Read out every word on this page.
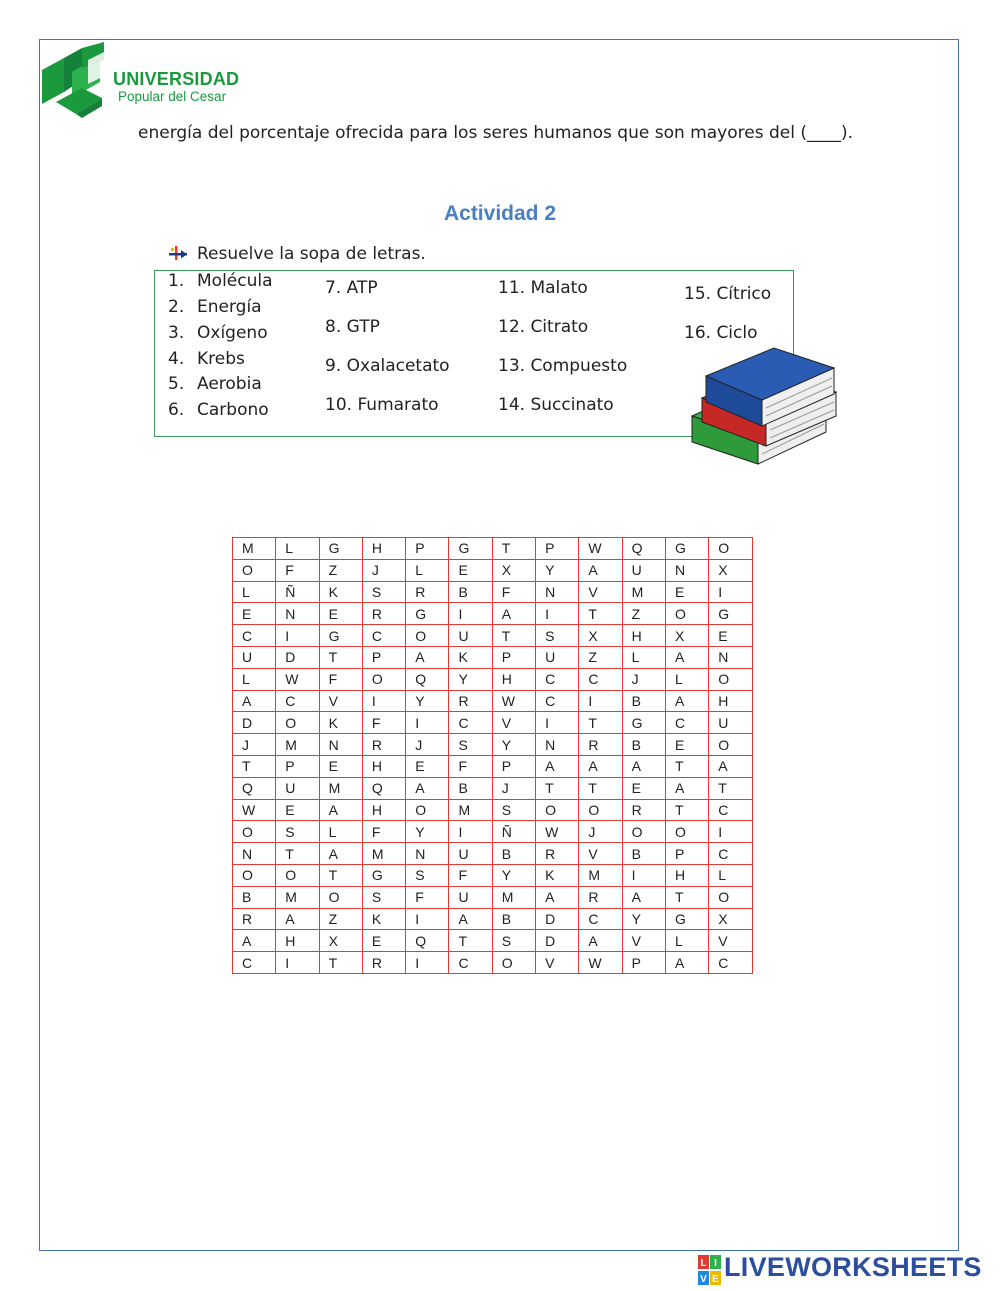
UNIVERSIDAD
Popular del Cesar
energía del porcentaje ofrecida para los seres humanos que son mayores del (____).
Actividad 2
Resuelve la sopa de letras.
1. Molécula
2. Energía
3. Oxígeno
4. Krebs
5. Aerobia
6. Carbono
7. ATP
8. GTP
9. Oxalacetato
10. Fumarato
11. Malato
12. Citrato
13. Compuesto
14. Succinato
15. Cítrico
16. Ciclo
M	L	G	H	P	G	T	P	W	Q	G	O
O	F	Z	J	L	E	X	Y	A	U	N	X
L	Ñ	K	S	R	B	F	N	V	M	E	I
E	N	E	R	G	I	A	I	T	Z	O	G
C	I	G	C	O	U	T	S	X	H	X	E
U	D	T	P	A	K	P	U	Z	L	A	N
L	W	F	O	Q	Y	H	C	C	J	L	O
A	C	V	I	Y	R	W	C	I	B	A	H
D	O	K	F	I	C	V	I	T	G	C	U
J	M	N	R	J	S	Y	N	R	B	E	O
T	P	E	H	E	F	P	A	A	A	T	A
Q	U	M	Q	A	B	J	T	T	E	A	T
W	E	A	H	O	M	S	O	O	R	T	C
O	S	L	F	Y	I	Ñ	W	J	O	O	I
N	T	A	M	N	U	B	R	V	B	P	C
O	O	T	G	S	F	Y	K	M	I	H	L
B	M	O	S	F	U	M	A	R	A	T	O
R	A	Z	K	I	A	B	D	C	Y	G	X
A	H	X	E	Q	T	S	D	A	V	L	V
C	I	T	R	I	C	O	V	W	P	A	C
L I
V E LIVEWORKSHEETS
